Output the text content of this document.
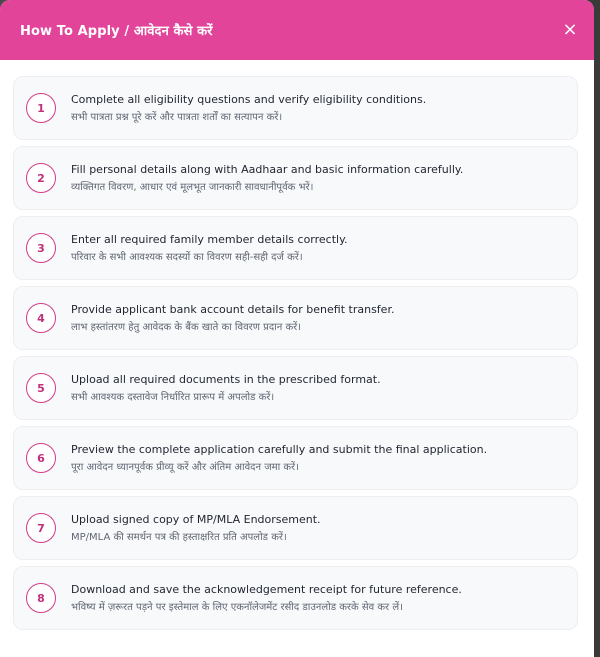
How To Apply / आवेदन कैसे करें	×
1
Complete all eligibility questions and verify eligibility conditions.
सभी पात्रता प्रश्न पूरे करें और पात्रता शर्तों का सत्यापन करें।
2
Fill personal details along with Aadhaar and basic information carefully.
व्यक्तिगत विवरण, आधार एवं मूलभूत जानकारी सावधानीपूर्वक भरें।
3
Enter all required family member details correctly.
परिवार के सभी आवश्यक सदस्यों का विवरण सही-सही दर्ज करें।
4
Provide applicant bank account details for benefit transfer.
लाभ हस्तांतरण हेतु आवेदक के बैंक खाते का विवरण प्रदान करें।
5
Upload all required documents in the prescribed format.
सभी आवश्यक दस्तावेज निर्धारित प्रारूप में अपलोड करें।
6
Preview the complete application carefully and submit the final application.
पूरा आवेदन ध्यानपूर्वक प्रीव्यू करें और अंतिम आवेदन जमा करें।
7
Upload signed copy of MP/MLA Endorsement.
MP/MLA की समर्थन पत्र की हस्ताक्षरित प्रति अपलोड करें।
8
Download and save the acknowledgement receipt for future reference.
भविष्य में ज़रूरत पड़ने पर इस्तेमाल के लिए एकनॉलेजमेंट रसीद डाउनलोड करके सेव कर लें।
